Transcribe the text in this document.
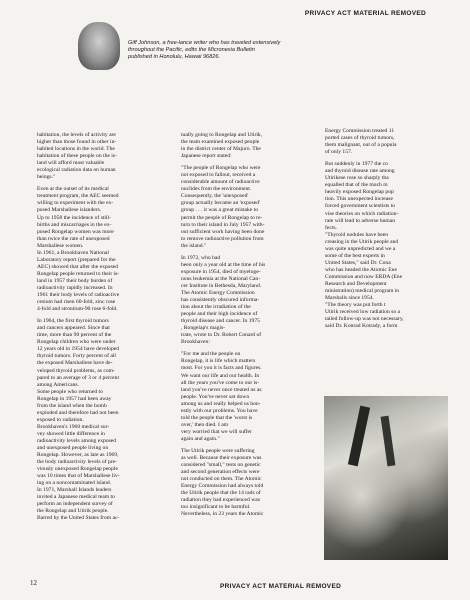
PRIVACY ACT MATERIAL REMOVED
Giff Johnson, a free-lance writer who has traveled extensively
throughout the Pacific, edits the Micronesia Bulletin
published in Honolulu, Hawaii 96826.
habitation, the levels of activity are
higher than those found in other in-
habited locations in the world. The
habitation of these people on the is-
land will afford most valuable
ecological radiation data on human
beings."
Even at the outset of its medical
treatment program, the AEC seemed
willing to experiment with the ex-
posed Marshallese islanders.
Up to 1958 the incidence of still-
births and miscarriages in the ex-
posed Rongelap women was more
than twice the rate of unexposed
Marshallese women.
In 1961, a Brookhaven National
Laboratory report (prepared for the
AEC) showed that after the exposed
Rongelap people returned to their is-
land in 1957 their body burden of
radioactivity rapidly increased. In
1961 their body levels of radioactive
cesium had risen 60-fold, zinc rose
4-fold and strontium-90 rose 6-fold.
In 1964, the first thyroid tumors
and cancers appeared. Since that
time, more than 90 percent of the
Rongelap children who were under
12 years old in 1954 have developed
thyroid tumors. Forty percent of all
the exposed Marshallese have de-
veloped thyroid problems, as com-
pared to an average of 3 or 4 percent
among Americans.
Some people who returned to
Rongelap in 1957 had been away
from the island when the bomb
exploded and therefore had not been
exposed to radiation.
Brookhaven's 1960 medical sur-
vey showed little difference in
radioactivity levels among exposed
and unexposed people living on
Rongelap. However, as late as 1969,
the body radioactivity levels of pre-
viously unexposed Rongelap people
was 10 times that of Marshallese liv-
ing on a noncontaminated island.
In 1971, Marshall Islands leaders
invited a Japanese medical team to
perform an independent survey of
the Rongelap and Utirik people.
Barred by the United States from ac-
tually going to Rongelap and Utirik,
the team examined exposed people
in the district center of Majuro. The
Japanese report stated:
"The people of Rongelap who were
not exposed to fallout, received a
considerable amount of radioactive
nuclides from the environment.
Consequently, the 'unexposed'
group actually became an 'exposed'
group . . . it was a great mistake to
permit the people of Rongelap to re-
turn to their island in July 1957 with-
out sufficient work having been done
to remove radioactive pollution from
the island."
In 1972, who had
been only a year old at the time of his
exposure in 1954, died of myeloge-
nous leukemia at the National Can-
cer Institute in Bethesda, Maryland.
The Atomic Energy Commission
has consistently obscured informa-
tion about the irradiation of the
people and their high incidence of
thyroid disease and cancer. In 1975
, Rongelap's magis-
trate, wrote to Dr. Robert Conard of
Brookhaven:
"For me and the people on
Rongelap, it is life which matters
most. For you it is facts and figures.
We want our life and our health. In
all the years you've come to our is-
land you've never once treated us as
people. You've never sat down
among us and really helped us hon-
estly with our problems. You have
told the people that the 'worst is
over,' then died. I am
very worried that we will suffer
again and again."
The Utirik people were suffering
as well. Because their exposure was
considered "small," tests on genetic
and second generation effects were
not conducted on them. The Atomic
Energy Commission had always told
the Utirik people that the 14 rads of
radiation they had experienced was
too insignificant to be harmful.
Nevertheless, in 23 years the Atomic
Energy Commission treated 11
ported cases of thyroid tumors,
them malignant, out of a popula
of only 157.
But suddenly in 1977 the co
and thyroid disease rate among
Utirikese rose so sharply tha
equalled that of the much m
heavily exposed Rongelap pop
tion. This unexpected increase
forced government scientists to
vise theories on which radiation-
rate will lead to adverse human
fects.
"Thyroid nodules have been
creasing in the Utirik people and
was quite unpredicted and we a
some of the best experts in
United States," said Dr. Cona
who has headed the Atomic Ene
Commission and now ERDA (Ene
Research and Development
ministration) medical program in
Marshalls since 1954.
"The theory was put forth t
Utirik received low radiation so a
tailed follow-up was not necessary,
said Dr. Konrad Kotrady, a form
12	PRIVACY ACT MATERIAL REMOVED
